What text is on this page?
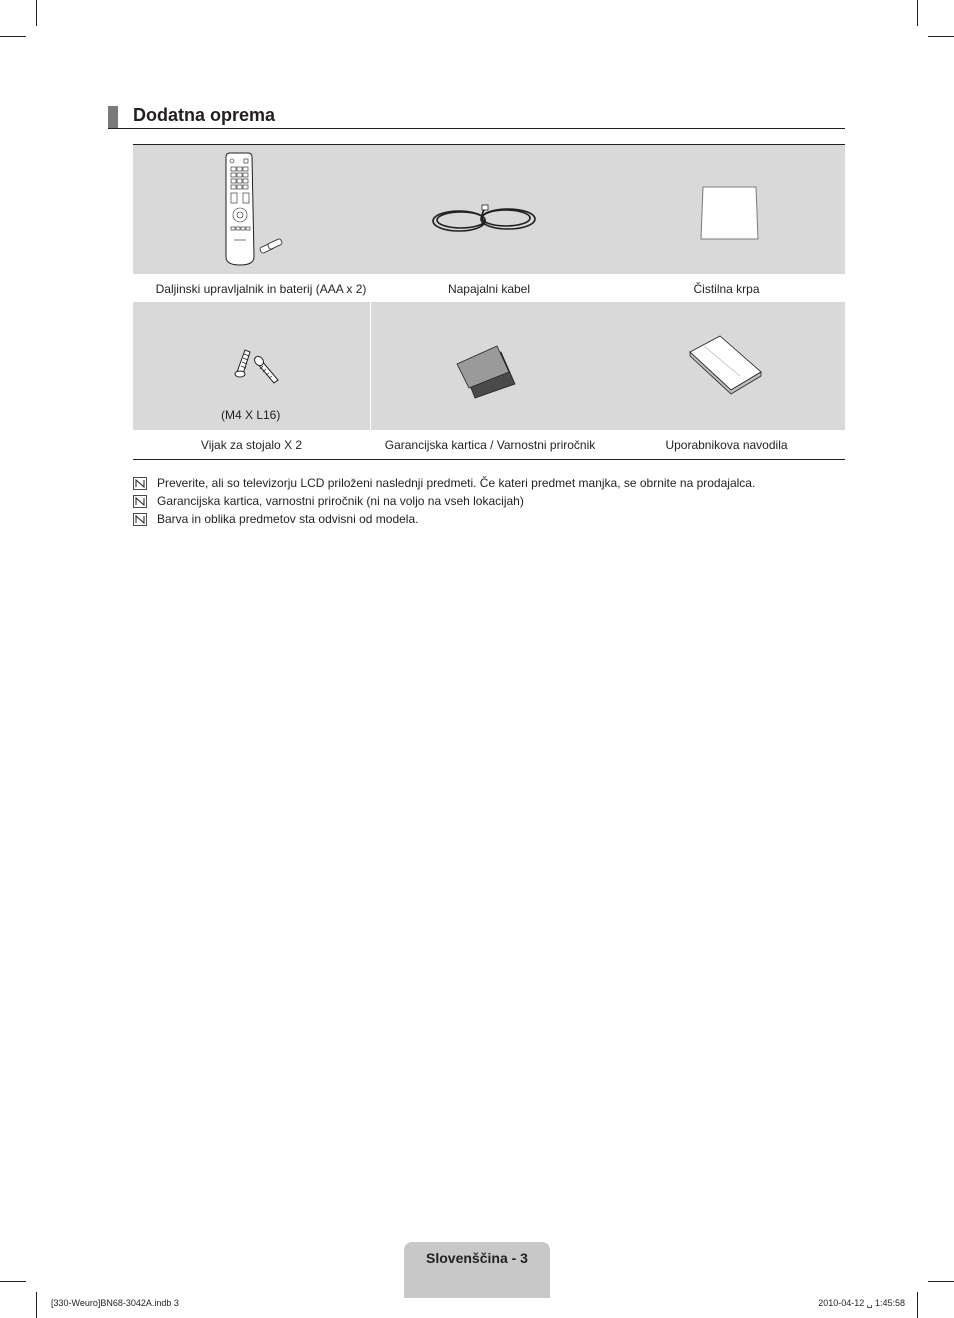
Dodatna oprema
Daljinski upravljalnik in baterij (AAA x 2)	Napajalni kabel	Čistilna krpa
(M4 X L16)
Vijak za stojalo X 2	Garancijska kartica / Varnostni priročnik	Uporabnikova navodila
Preverite, ali so televizorju LCD priloženi naslednji predmeti. Če kateri predmet manjka, se obrnite na prodajalca.
Garancijska kartica, varnostni priročnik (ni na voljo na vseh lokacijah)
Barva in oblika predmetov sta odvisni od modela.
Slovenščina - 3
[330-Weuro]BN68-3042A.indb 3	2010-04-12 ␣ 1:45:58
